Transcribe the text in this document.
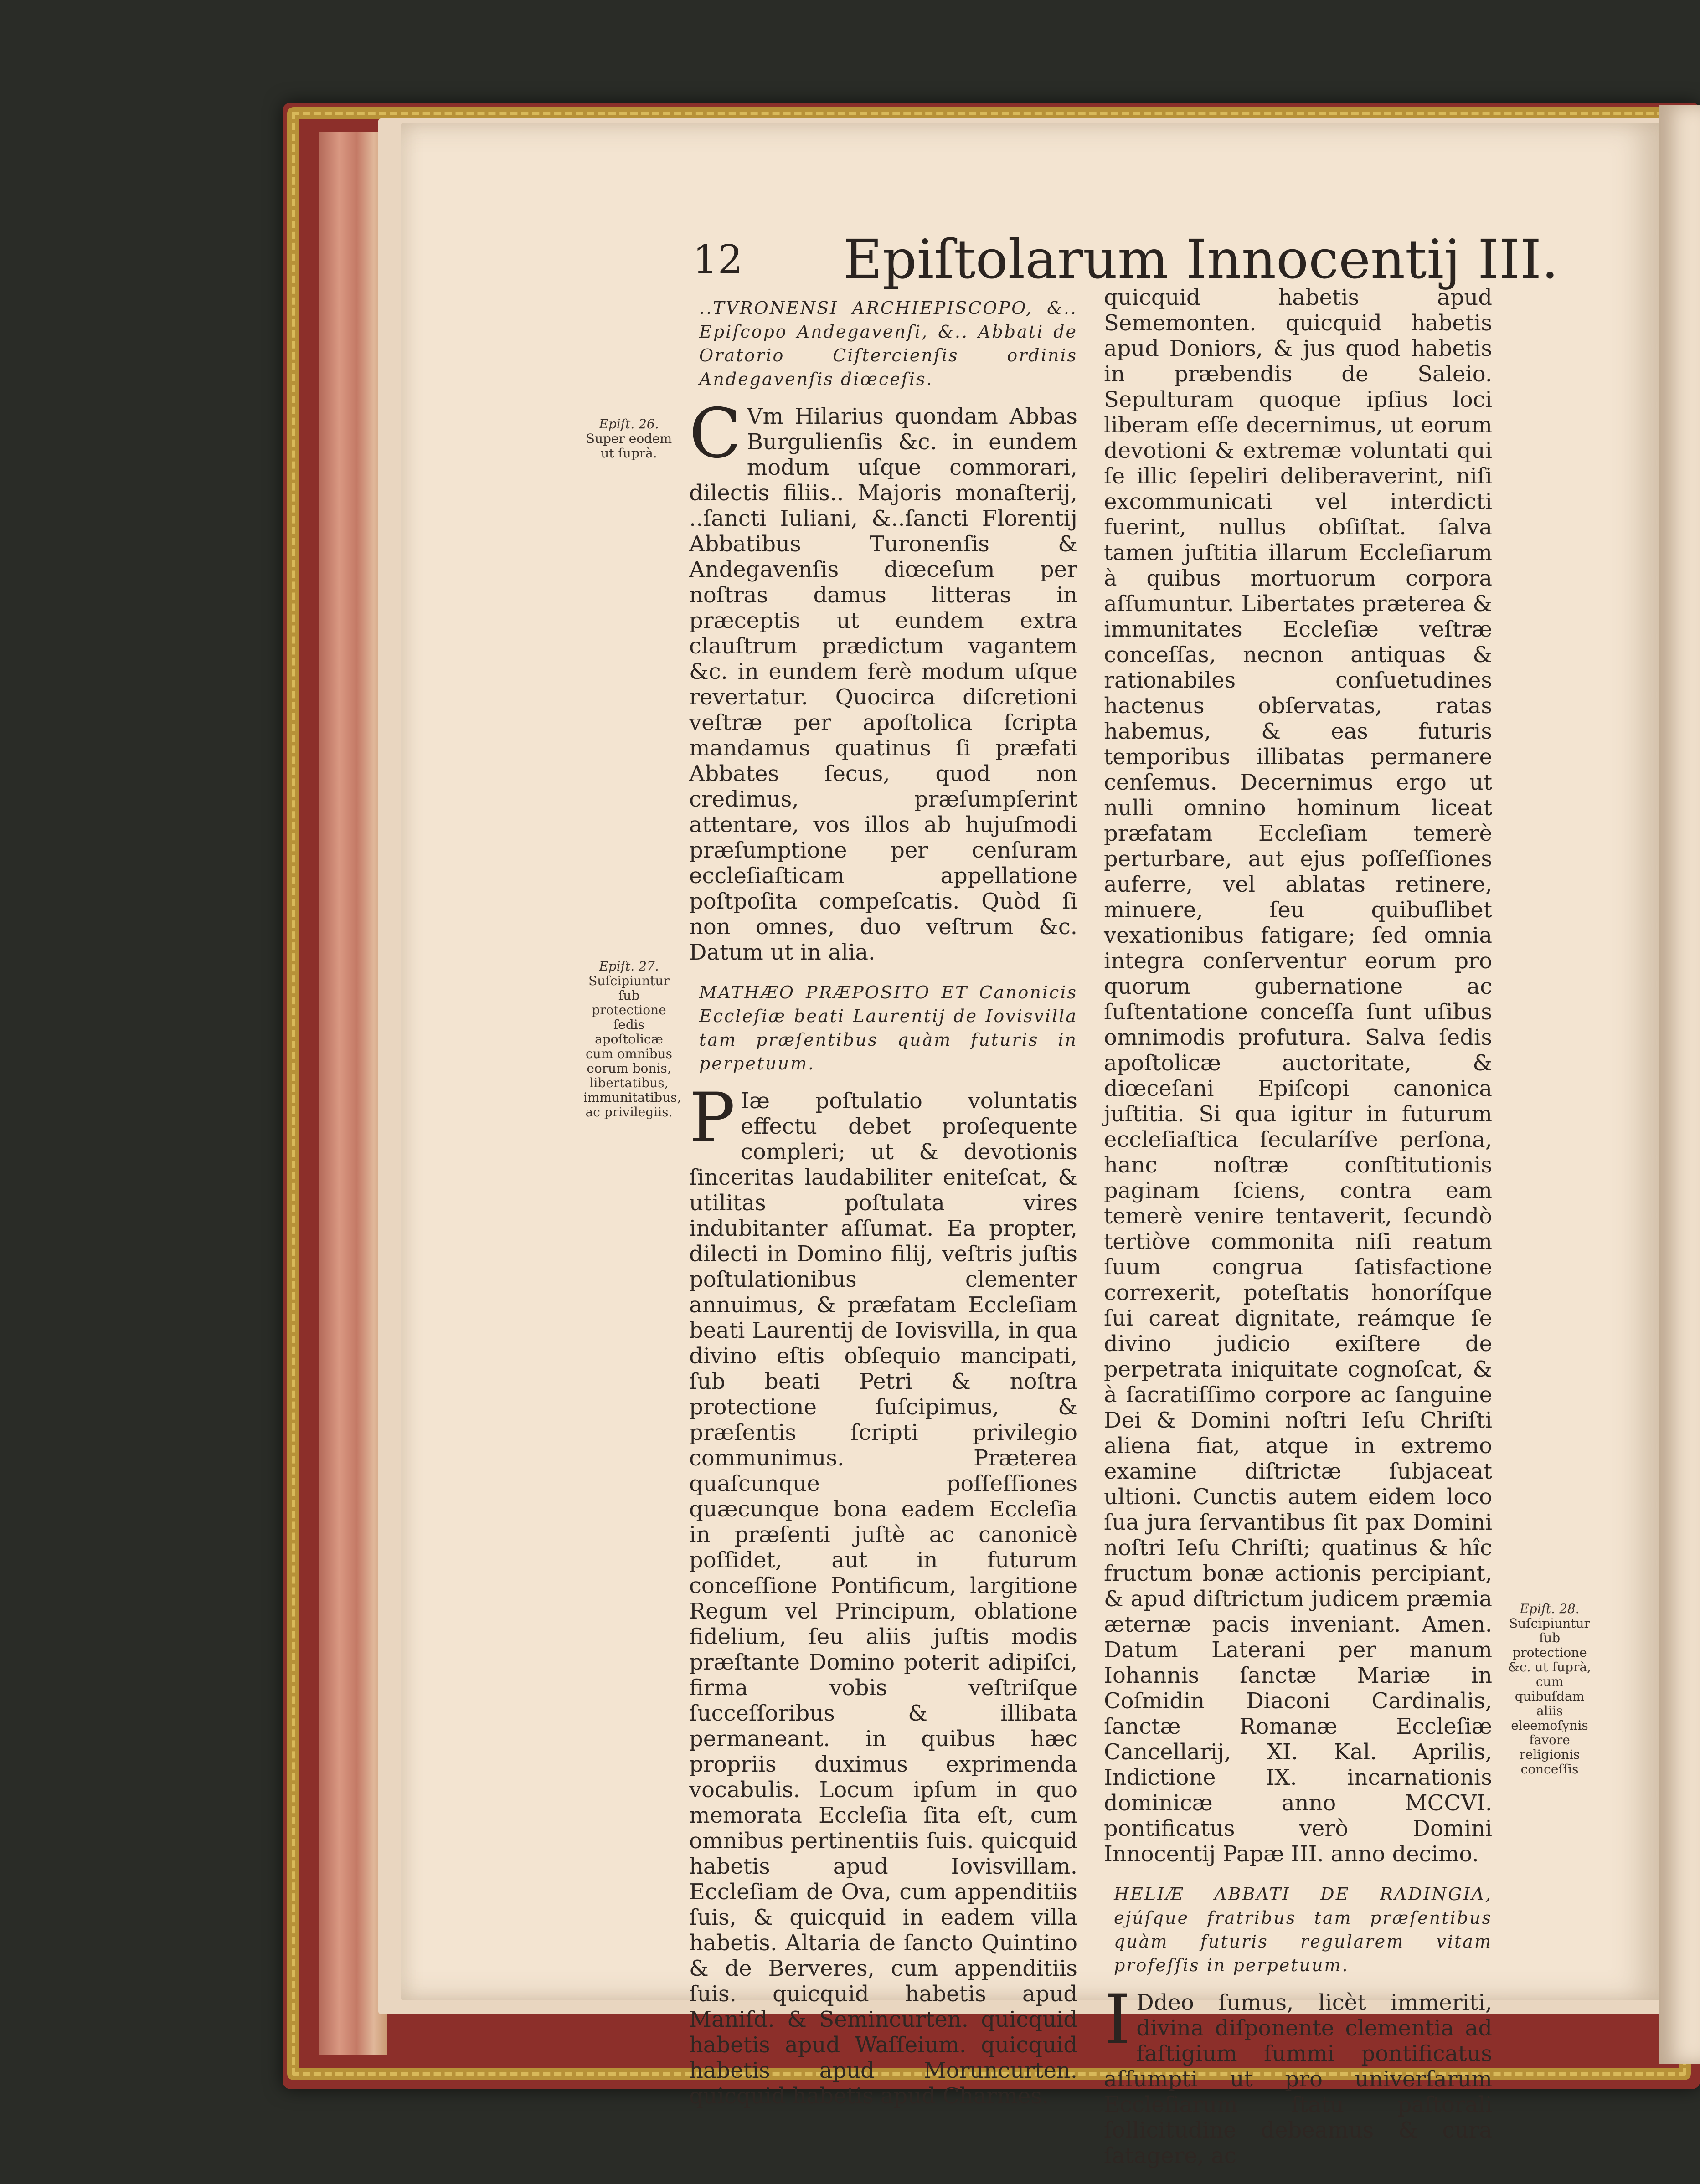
12 Epiſtolarum Innocentij III.
..TVRONENSI ARCHIEPISCOPO, &.. Epiſcopo Andegavenſi, &.. Abbati de Oratorio Ciſtercienſis ordinis Andegavenſis diœceſis.
C Vm Hilarius quondam Abbas Burgulienſis &c. in eundem modum uſque commorari, dilectis filiis.. Majoris monaſterij, ..ſancti Iuliani, &..ſancti Florentij Abbatibus Turonenſis & Andegavenſis diœceſum per noſtras damus litteras in præceptis ut eundem extra clauſtrum prædictum vagantem &c. in eundem ferè modum uſque revertatur. Quocirca diſcretioni veſtræ per apoſtolica ſcripta mandamus quatinus ſi præfati Abbates ſecus, quod non credimus, præſumpſerint attentare, vos illos ab hujuſmodi præſumptione per cenſuram eccleſiaſticam appellatione poſtpoſita compeſcatis. Quòd ſi non omnes, duo veſtrum &c. Datum ut in alia.
MATHÆO PRÆPOSITO ET Canonicis Eccleſiæ beati Laurentij de Iovisvilla tam præſentibus quàm futuris in perpetuum.
P Iæ poſtulatio voluntatis effectu debet proſequente compleri; ut & devotionis ſinceritas laudabiliter eniteſcat, & utilitas poſtulata vires indubitanter aſſumat. Ea propter, dilecti in Domino filij, veſtris juſtis poſtulationibus clementer annuimus, & præfatam Eccleſiam beati Laurentij de Iovisvilla, in qua divino eſtis obſequio mancipati, ſub beati Petri & noſtra protectione ſuſcipimus, & præſentis ſcripti privilegio communimus. Præterea quaſcunque poſſeſſiones quæcunque bona eadem Eccleſia in præſenti juſtè ac canonicè poſſidet, aut in futurum conceſſione Pontificum, largitione Regum vel Principum, oblatione fidelium, ſeu aliis juſtis modis præſtante Domino poterit adipiſci, firma vobis veſtriſque ſucceſſoribus & illibata permaneant. in quibus hæc propriis duximus exprimenda vocabulis. Locum ipſum in quo memorata Eccleſia ſita eſt, cum omnibus pertinentiis ſuis. quicquid habetis apud Iovisvillam. Eccleſiam de Ova, cum appenditiis ſuis, & quicquid in eadem villa habetis. Altaria de ſancto Quintino & de Berveres, cum appenditiis ſuis. quicquid habetis apud Maniſd. & Semincurten. quicquid habetis apud Waſſeium. quicquid habetis apud Moruncurten. quicquid habetis apud Charmes.
quicquid habetis apud Sememonten. quicquid habetis apud Doniors, & jus quod habetis in præbendis de Saleio. Sepulturam quoque ipſius loci liberam eſſe decernimus, ut eorum devotioni & extremæ voluntati qui ſe illic ſepeliri deliberaverint, niſi excommunicati vel interdicti fuerint, nullus obſiſtat. ſalva tamen juſtitia illarum Eccleſiarum à quibus mortuorum corpora aſſumuntur. Libertates præterea & immunitates Eccleſiæ veſtræ conceſſas, necnon antiquas & rationabiles conſuetudines hactenus obſervatas, ratas habemus, & eas futuris temporibus illibatas permanere cenſemus. Decernimus ergo ut nulli omnino hominum liceat præfatam Eccleſiam temerè perturbare, aut ejus poſſeſſiones auferre, vel ablatas retinere, minuere, ſeu quibuſlibet vexationibus fatigare; ſed omnia integra conſerventur eorum pro quorum gubernatione ac ſuſtentatione conceſſa ſunt uſibus omnimodis profutura. Salva ſedis apoſtolicæ auctoritate, & diœceſani Epiſcopi canonica juſtitia. Si qua igitur in futurum eccleſiaſtica ſecularíſve perſona, hanc noſtræ conſtitutionis paginam ſciens, contra eam temerè venire tentaverit, ſecundò tertiòve commonita niſi reatum ſuum congrua ſatisfactione correxerit, poteſtatis honoríſque ſui careat dignitate, reámque ſe divino judicio exiſtere de perpetrata iniquitate cognoſcat, & à ſacratiſſimo corpore ac ſanguine Dei & Domini noſtri Ieſu Chriſti aliena fiat, atque in extremo examine diſtrictæ ſubjaceat ultioni. Cunctis autem eidem loco ſua jura ſervantibus ſit pax Domini noſtri Ieſu Chriſti; quatinus & hîc fructum bonæ actionis percipiant, & apud diſtrictum judicem præmia æternæ pacis inveniant. Amen. Datum Laterani per manum Iohannis ſanctæ Mariæ in Coſmidin Diaconi Cardinalis, ſanctæ Romanæ Eccleſiæ Cancellarij, XI. Kal. Aprilis, Indictione IX. incarnationis dominicæ anno MCCVI. pontificatus verò Domini Innocentij Papæ III. anno decimo.
HELIÆ ABBATI DE RADINGIA, ejúſque fratribus tam præſentibus quàm futuris regularem vitam profeſſis in perpetuum.
I Ddeo ſumus, licèt immeriti, divina diſponente clementia ad faſtigium ſummi pontificatus aſſumpti ut pro univerſarum Eccleſiarum ſtatu paſtorali ſollicitudine debeamus & cura ſatagere, ac
Epiſt. 26.
Super eodem ut ſuprà.
Epiſt. 27.
Suſcipiuntur ſub protectione ſedis apoſtolicæ cum omnibus eorum bonis, libertatibus, immunitatibus, ac privilegiis.
Epiſt. 28.
Suſcipiuntur ſub protectione &c. ut ſuprà, cum quibuſdam aliis eleemoſynis favore religionis conceſſis
